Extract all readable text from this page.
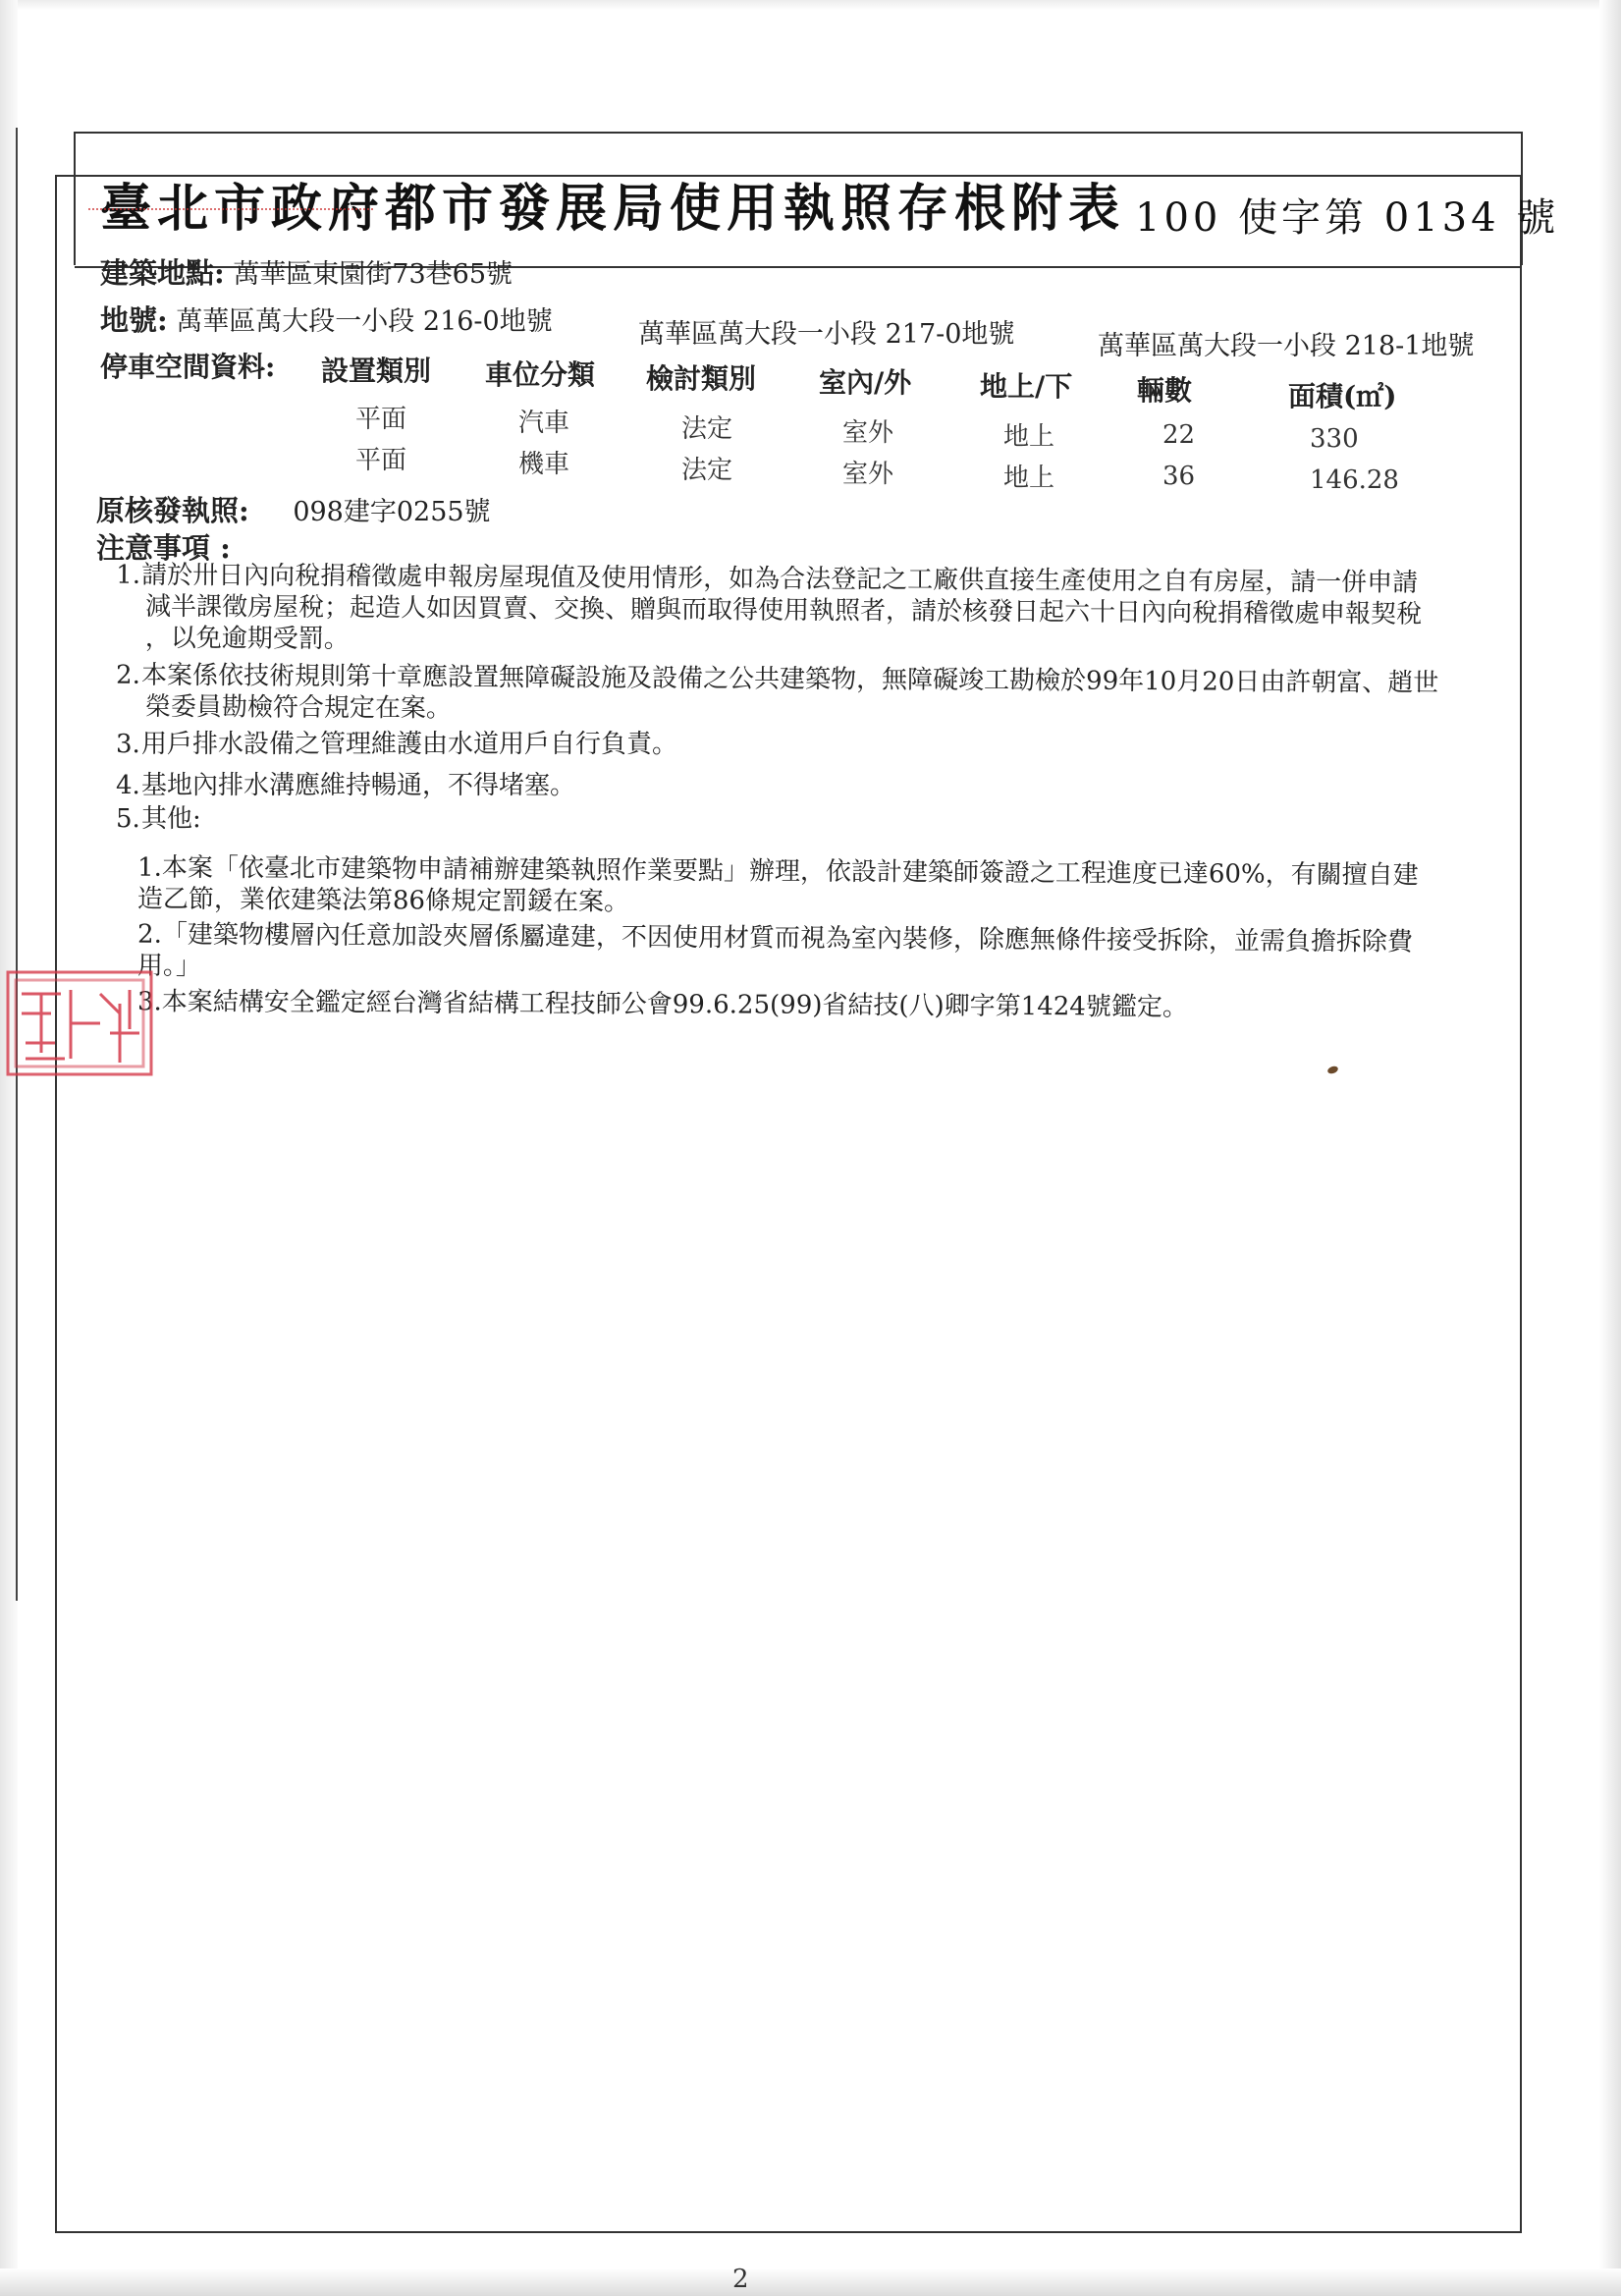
臺北市政府都市發展局使用執照存根附表 100 使字第 0134 號
建築地點: 萬華區東園街73巷65號
地號: 萬華區萬大段一小段 216-0地號	萬華區萬大段一小段 217-0地號	萬華區萬大段一小段 218-1地號
停車空間資料: 設置類別 車位分類 檢討類別 室內/外 地上/下 輛數	面積(㎡)
平面	汽車	法定	室外	地上	22	330
平面	機車	法定	室外	地上	36	146.28
原核發執照: 098建字0255號
注意事項 :
1.請於卅日內向稅捐稽徵處申報房屋現值及使用情形，如為合法登記之工廠供直接生產使用之自有房屋，請一併申請
減半課徵房屋稅；起造人如因買賣、交換、贈與而取得使用執照者，請於核發日起六十日內向稅捐稽徵處申報契稅
，以免逾期受罰。
2.本案係依技術規則第十章應設置無障礙設施及設備之公共建築物，無障礙竣工勘檢於99年10月20日由許朝富、趙世
榮委員勘檢符合規定在案。
3.用戶排水設備之管理維護由水道用戶自行負責。
4.基地內排水溝應維持暢通，不得堵塞。
5.其他:
1.本案「依臺北市建築物申請補辦建築執照作業要點」辦理，依設計建築師簽證之工程進度已達60%，有關擅自建
造乙節，業依建築法第86條規定罰鍰在案。
2.「建築物樓層內任意加設夾層係屬違建，不因使用材質而視為室內裝修，除應無條件接受拆除，並需負擔拆除費
用。」
3.本案結構安全鑑定經台灣省結構工程技師公會99.6.25(99)省結技(八)卿字第1424號鑑定。
2
